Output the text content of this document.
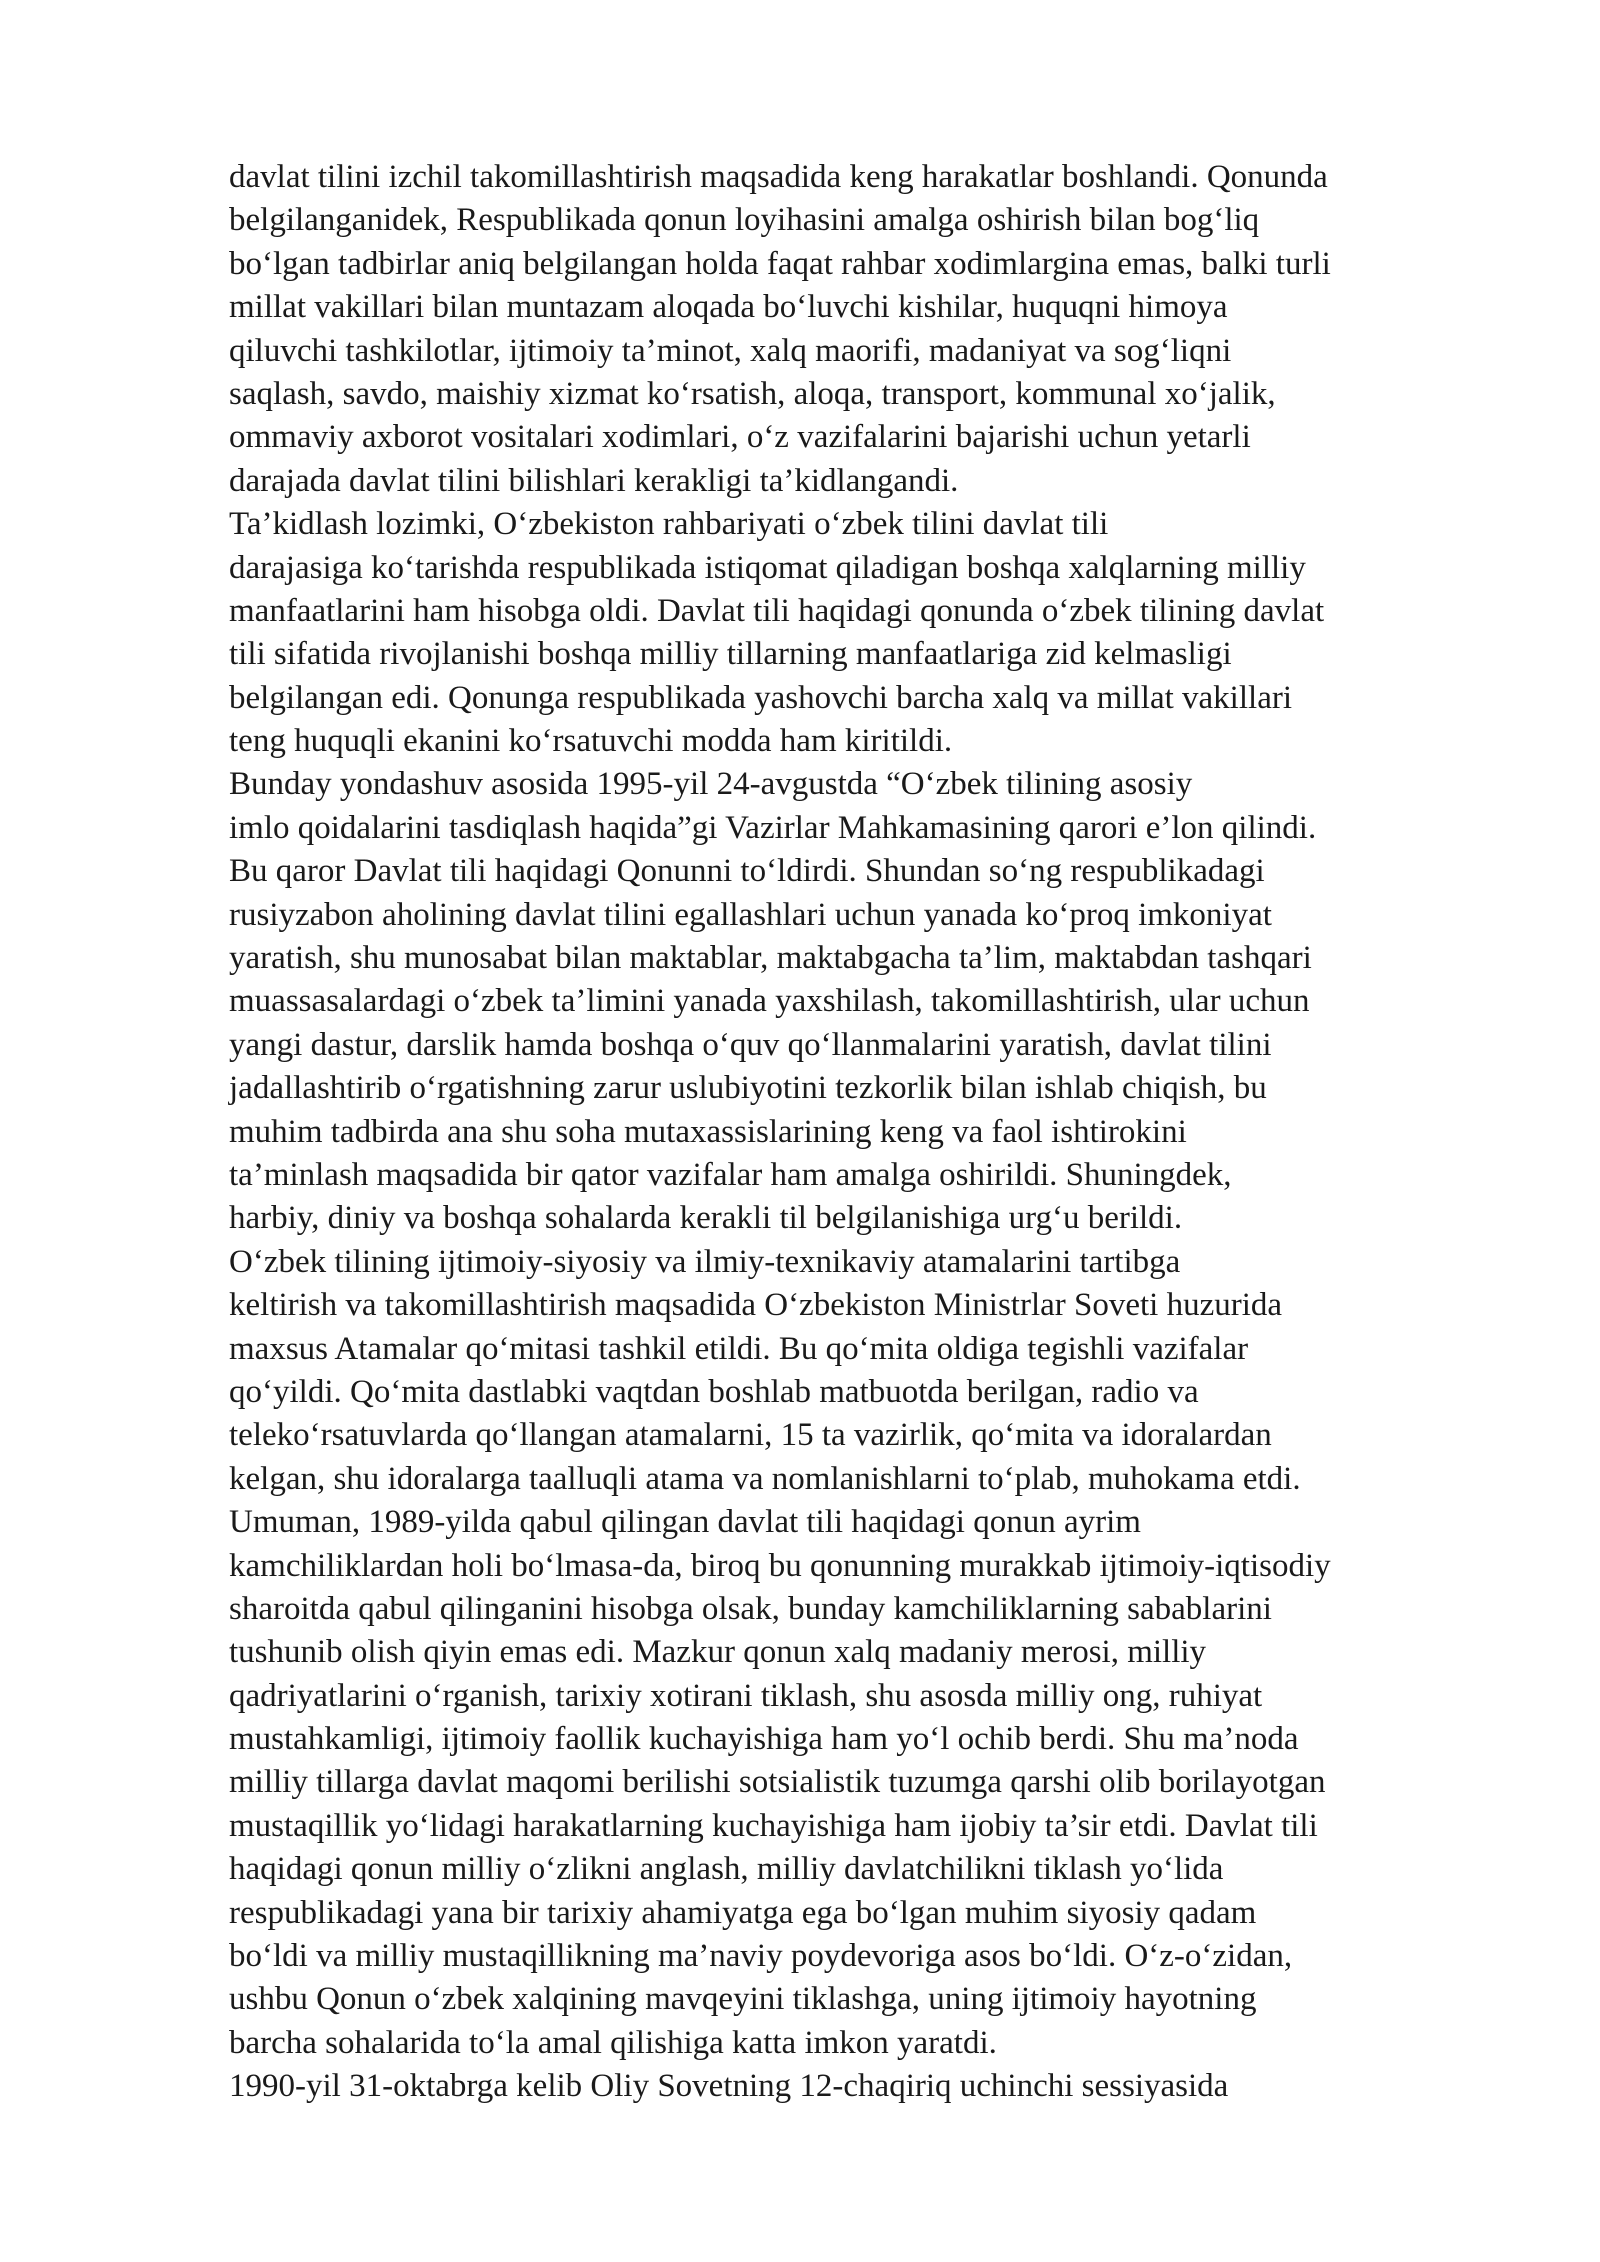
davlat tilini izchil takomillashtirish maqsadida keng harakatlar boshlandi. Qonunda
belgilanganidek, Respublikada qonun loyihasini amalga oshirish bilan bog‘liq
bo‘lgan tadbirlar aniq belgilangan holda faqat rahbar xodimlargina emas, balki turli
millat vakillari bilan muntazam aloqada bo‘luvchi kishilar, huquqni himoya
qiluvchi tashkilotlar, ijtimoiy ta’minot, xalq maorifi, madaniyat va sog‘liqni
saqlash, savdo, maishiy xizmat ko‘rsatish, aloqa, transport, kommunal xo‘jalik,
ommaviy axborot vositalari xodimlari, o‘z vazifalarini bajarishi uchun yetarli
darajada davlat tilini bilishlari kerakligi ta’kidlangandi.
Ta’kidlash lozimki, O‘zbekiston rahbariyati o‘zbek tilini davlat tili
darajasiga ko‘tarishda respublikada istiqomat qiladigan boshqa xalqlarning milliy
manfaatlarini ham hisobga oldi. Davlat tili haqidagi qonunda o‘zbek tilining davlat
tili sifatida rivojlanishi boshqa milliy tillarning manfaatlariga zid kelmasligi
belgilangan edi. Qonunga respublikada yashovchi barcha xalq va millat vakillari
teng huquqli ekanini ko‘rsatuvchi modda ham kiritildi.
Bunday yondashuv asosida 1995-yil 24-avgustda “O‘zbek tilining asosiy
imlo qoidalarini tasdiqlash haqida”gi Vazirlar Mahkamasining qarori e’lon qilindi.
Bu qaror Davlat tili haqidagi Qonunni to‘ldirdi. Shundan so‘ng respublikadagi
rusiyzabon aholining davlat tilini egallashlari uchun yanada ko‘proq imkoniyat
yaratish, shu munosabat bilan maktablar, maktabgacha ta’lim, maktabdan tashqari
muassasalardagi o‘zbek ta’limini yanada yaxshilash, takomillashtirish, ular uchun
yangi dastur, darslik hamda boshqa o‘quv qo‘llanmalarini yaratish, davlat tilini
jadallashtirib o‘rgatishning zarur uslubiyotini tezkorlik bilan ishlab chiqish, bu
muhim tadbirda ana shu soha mutaxassislarining keng va faol ishtirokini
ta’minlash maqsadida bir qator vazifalar ham amalga oshirildi. Shuningdek,
harbiy, diniy va boshqa sohalarda kerakli til belgilanishiga urg‘u berildi.
O‘zbek tilining ijtimoiy-siyosiy va ilmiy-texnikaviy atamalarini tartibga
keltirish va takomillashtirish maqsadida O‘zbekiston Ministrlar Soveti huzurida
maxsus Atamalar qo‘mitasi tashkil etildi. Bu qo‘mita oldiga tegishli vazifalar
qo‘yildi. Qo‘mita dastlabki vaqtdan boshlab matbuotda berilgan, radio va
teleko‘rsatuvlarda qo‘llangan atamalarni, 15 ta vazirlik, qo‘mita va idoralardan
kelgan, shu idoralarga taalluqli atama va nomlanishlarni to‘plab, muhokama etdi.
Umuman, 1989-yilda qabul qilingan davlat tili haqidagi qonun ayrim
kamchiliklardan holi bo‘lmasa-da, biroq bu qonunning murakkab ijtimoiy-iqtisodiy
sharoitda qabul qilinganini hisobga olsak, bunday kamchiliklarning sabablarini
tushunib olish qiyin emas edi. Mazkur qonun xalq madaniy merosi, milliy
qadriyatlarini o‘rganish, tarixiy xotirani tiklash, shu asosda milliy ong, ruhiyat
mustahkamligi, ijtimoiy faollik kuchayishiga ham yo‘l ochib berdi. Shu ma’noda
milliy tillarga davlat maqomi berilishi sotsialistik tuzumga qarshi olib borilayotgan
mustaqillik yo‘lidagi harakatlarning kuchayishiga ham ijobiy ta’sir etdi. Davlat tili
haqidagi qonun milliy o‘zlikni anglash, milliy davlatchilikni tiklash yo‘lida
respublikadagi yana bir tarixiy ahamiyatga ega bo‘lgan muhim siyosiy qadam
bo‘ldi va milliy mustaqillikning ma’naviy poydevoriga asos bo‘ldi. O‘z-o‘zidan,
ushbu Qonun o‘zbek xalqining mavqeyini tiklashga, uning ijtimoiy hayotning
barcha sohalarida to‘la amal qilishiga katta imkon yaratdi.
1990-yil 31-oktabrga kelib Oliy Sovetning 12-chaqiriq uchinchi sessiyasida
